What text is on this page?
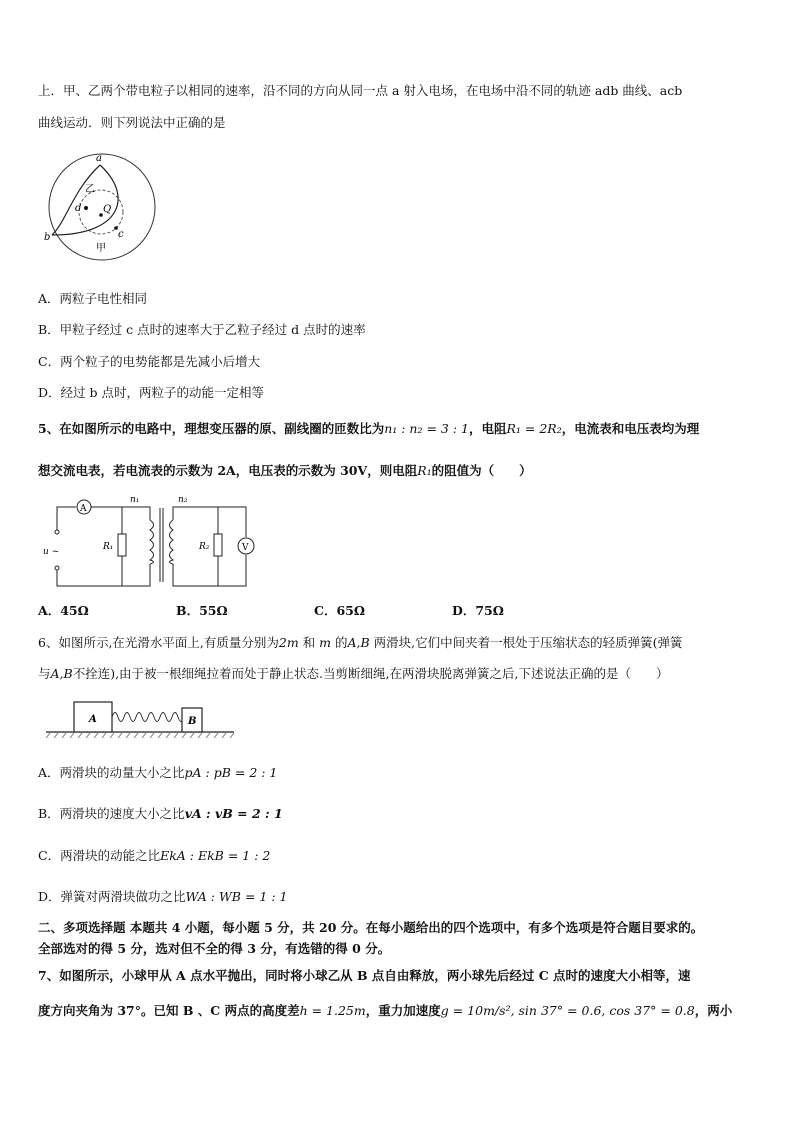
上．甲、乙两个带电粒子以相同的速率，沿不同的方向从同一点 a 射入电场，在电场中沿不同的轨迹 adb 曲线、acb
曲线运动．则下列说法中正确的是
a
d Q
c
b
乙
甲
A．两粒子电性相同
B．甲粒子经过 c 点时的速率大于乙粒子经过 d 点时的速率
C．两个粒子的电势能都是先减小后增大
D．经过 b 点时，两粒子的动能一定相等
5、在如图所示的电路中，理想变压器的原、副线圈的匝数比为n₁ : n₂ = 3 : 1，电阻R₁ = 2R₂，电流表和电压表均为理
想交流电表，若电流表的示数为 2A，电压表的示数为 30V，则电阻R₁的阻值为（　　）
A
u ~	R₁
n₁	n₂
R₂	V
A．45Ω	B．55Ω	C．65Ω	D．75Ω
6、如图所示,在光滑水平面上,有质量分别为2m 和 m 的A,B 两滑块,它们中间夹着一根处于压缩状态的轻质弹簧(弹簧
与A,B不拴连),由于被一根细绳拉着而处于静止状态.当剪断细绳,在两滑块脱离弹簧之后,下述说法正确的是（　　）
A	B
A．两滑块的动量大小之比pA : pB = 2 : 1
B．两滑块的速度大小之比vA : vB = 2 : 1
C．两滑块的动能之比EkA : EkB = 1 : 2
D．弹簧对两滑块做功之比WA : WB = 1 : 1
二、多项选择题 本题共 4 小题，每小题 5 分，共 20 分。在每小题给出的四个选项中，有多个选项是符合题目要求的。
全部选对的得 5 分，选对但不全的得 3 分，有选错的得 0 分。
7、如图所示，小球甲从 A 点水平抛出，同时将小球乙从 B 点自由释放，两小球先后经过 C 点时的速度大小相等，速
度方向夹角为 37°。已知 B 、C 两点的高度差h = 1.25m，重力加速度g = 10m/s², sin 37° = 0.6, cos 37° = 0.8，两小
